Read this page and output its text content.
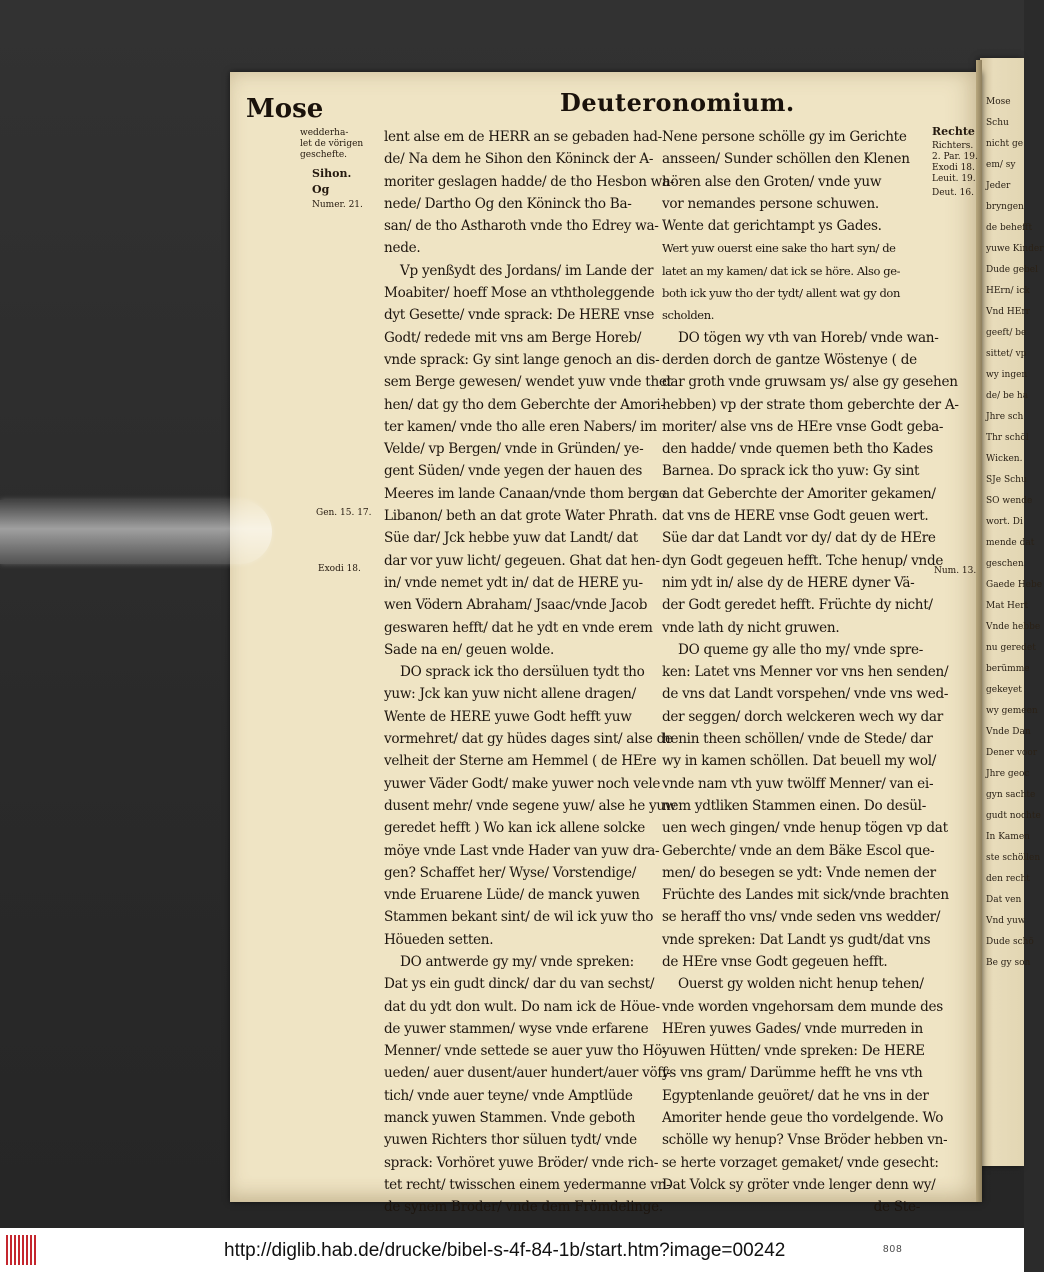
Mose
Schu
nicht ge
em/ sy
Jeder
bryngen
de behefft
yuwe Kinder
Dude gebel
HErn/ ick
Vnd HErr
geeft/ be
sittet/ vp
wy ingen
de/ be ha
Jhre sch
Thr schöl
Wicken.
SJe Schu
SO wende
wort. Di
mende dat
geschen
Gaede Hebe
Mat Hert
Vnde hebbe
nu geredet
berümme
gekeyet
wy gemeen
Vnde Dan
Dener voor
Jhre geoc
gyn sachte
gudt nochte
In Kamen
ste schöllen
den recht
Dat ven
Vnd yuw
Dude schö
Be gy son
Mose	Deuteronomium.
wedderha-
let de vörigen
geschefte.
Sihon.
Og
Numer. 21.
Gen. 15. 17.
Exodi 18.
Rechte
Richters.
2. Par. 19.
Exodi 18.
Leuit. 19.
Deut. 16.
Num. 13.
lent alse em de HERR an se gebaden had-
de/ Na dem he Sihon den Köninck der A-
moriter geslagen hadde/ de tho Hesbon wa-
nede/ Dartho Og den Köninck tho Ba-
san/ de tho Astharoth vnde tho Edrey wa-
nede.
Vp yenßydt des Jordans/ im Lande der
Moabiter/ hoeff Mose an vththoleggende
dyt Gesette/ vnde sprack: De HERE vnse
Godt/ redede mit vns am Berge Horeb/
vnde sprack: Gy sint lange genoch an dis-
sem Berge gewesen/ wendet yuw vnde thet
hen/ dat gy tho dem Geberchte der Amori-
ter kamen/ vnde tho alle eren Nabers/ im
Velde/ vp Bergen/ vnde in Gründen/ ye-
gent Süden/ vnde yegen der hauen des
Meeres im lande Canaan/vnde thom berge
Libanon/ beth an dat grote Water Phrath.
Süe dar/ Jck hebbe yuw dat Landt/ dat
dar vor yuw licht/ gegeuen. Ghat dat hen-
in/ vnde nemet ydt in/ dat de HERE yu-
wen Vödern Abraham/ Jsaac/vnde Jacob
geswaren hefft/ dat he ydt en vnde erem
Sade na en/ geuen wolde.
DO sprack ick tho dersüluen tydt tho
yuw: Jck kan yuw nicht allene dragen/
Wente de HERE yuwe Godt hefft yuw
vormehret/ dat gy hüdes dages sint/ alse de
velheit der Sterne am Hemmel ( de HEre
yuwer Väder Godt/ make yuwer noch vele
dusent mehr/ vnde segene yuw/ alse he yuw
geredet hefft ) Wo kan ick allene solcke
möye vnde Last vnde Hader van yuw dra-
gen? Schaffet her/ Wyse/ Vorstendige/
vnde Eruarene Lüde/ de manck yuwen
Stammen bekant sint/ de wil ick yuw tho
Höueden setten.
DO antwerde gy my/ vnde spreken:
Dat ys ein gudt dinck/ dar du van sechst/
dat du ydt don wult. Do nam ick de Höue-
de yuwer stammen/ wyse vnde erfarene
Menner/ vnde settede se auer yuw tho Hö-
ueden/ auer dusent/auer hundert/auer vöff-
tich/ vnde auer teyne/ vnde Amptlüde
manck yuwen Stammen. Vnde geboth
yuwen Richters thor süluen tydt/ vnde
sprack: Vorhöret yuwe Bröder/ vnde rich-
tet recht/ twisschen einem yedermanne vn-
de synem Broder/ vnde dem Frömdelinge.
Nene persone schölle gy im Gerichte
ansseen/ Sunder schöllen den Klenen
hören alse den Groten/ vnde yuw
vor nemandes persone schuwen.
Wente dat gerichtampt ys Gades.
Wert yuw ouerst eine sake tho hart syn/ de
latet an my kamen/ dat ick se höre. Also ge-
both ick yuw tho der tydt/ allent wat gy don
scholden.
DO tögen wy vth van Horeb/ vnde wan-
derden dorch de gantze Wöstenye ( de
dar groth vnde gruwsam ys/ alse gy gesehen
hebben) vp der strate thom geberchte der A-
moriter/ alse vns de HEre vnse Godt geba-
den hadde/ vnde quemen beth tho Kades
Barnea. Do sprack ick tho yuw: Gy sint
an dat Geberchte der Amoriter gekamen/
dat vns de HERE vnse Godt geuen wert.
Süe dar dat Landt vor dy/ dat dy de HEre
dyn Godt gegeuen hefft. Tche henup/ vnde
nim ydt in/ alse dy de HERE dyner Vä-
der Godt geredet hefft. Früchte dy nicht/
vnde lath dy nicht gruwen.
DO queme gy alle tho my/ vnde spre-
ken: Latet vns Menner vor vns hen senden/
de vns dat Landt vorspehen/ vnde vns wed-
der seggen/ dorch welckeren wech wy dar
henin theen schöllen/ vnde de Stede/ dar
wy in kamen schöllen. Dat beuell my wol/
vnde nam vth yuw twölff Menner/ van ei-
nem ydtliken Stammen einen. Do desül-
uen wech gingen/ vnde henup tögen vp dat
Geberchte/ vnde an dem Bäke Escol que-
men/ do besegen se ydt: Vnde nemen der
Früchte des Landes mit sick/vnde brachten
se heraff tho vns/ vnde seden vns wedder/
vnde spreken: Dat Landt ys gudt/dat vns
de HEre vnse Godt gegeuen hefft.
Ouerst gy wolden nicht henup tehen/
vnde worden vngehorsam dem munde des
HEren yuwes Gades/ vnde murreden in
yuwen Hütten/ vnde spreken: De HERE
ys vns gram/ Darümme hefft he vns vth
Egyptenlande geuöret/ dat he vns in der
Amoriter hende geue tho vordelgende. Wo
schölle wy henup? Vnse Bröder hebben vn-
se herte vorzaget gemaket/ vnde gesecht:
Dat Volck sy gröter vnde lenger denn wy/
de Ste-
http://diglib.hab.de/drucke/bibel-s-4f-84-1b/start.htm?image=00242	808
